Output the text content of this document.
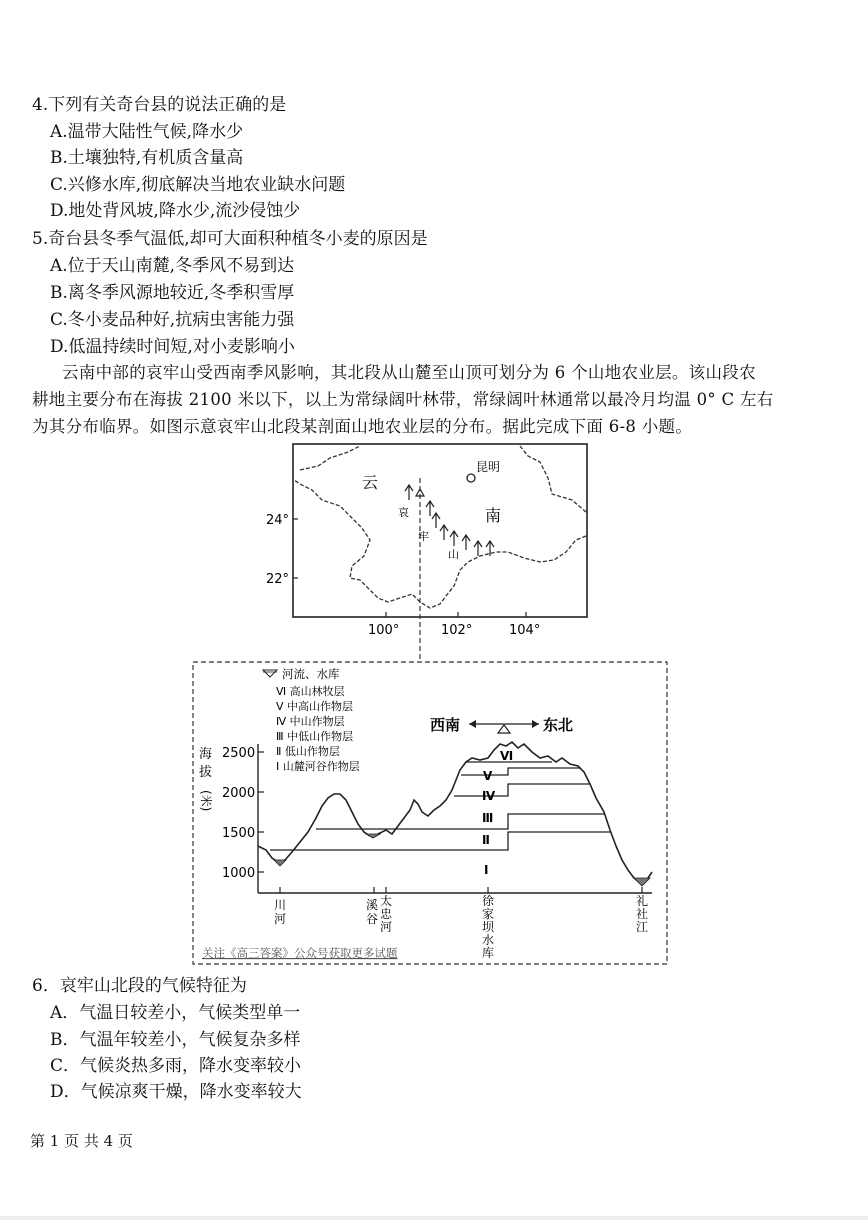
4.下列有关奇台县的说法正确的是
A.温带大陆性气候,降水少
B.土壤独特,有机质含量高
C.兴修水库,彻底解决当地农业缺水问题
D.地处背风坡,降水少,流沙侵蚀少
5.奇台县冬季气温低,却可大面积种植冬小麦的原因是
A.位于天山南麓,冬季风不易到达
B.离冬季风源地较近,冬季积雪厚
C.冬小麦品种好,抗病虫害能力强
D.低温持续时间短,对小麦影响小
云南中部的哀牢山受西南季风影响，其北段从山麓至山顶可划分为 6 个山地农业层。该山段农
耕地主要分布在海拔 2100 米以下，以上为常绿阔叶林带，常绿阔叶林通常以最冷月均温 0° C 左右
为其分布临界。如图示意哀牢山北段某剖面山地农业层的分布。据此完成下面 6-8 小题。
云
南
昆明
哀
牢
山
24°
22°
100°	102°	104°
河流、水库
Ⅵ 高山林牧层
Ⅴ 中高山作物层
Ⅳ 中山作物层
Ⅲ 中低山作物层
Ⅱ 低山作物层
Ⅰ 山麓河谷作物层
西南	东北
海
拔
(米)
2500
2000
1500
1000
Ⅵ
Ⅴ
Ⅳ
Ⅲ
Ⅱ
Ⅰ
川
河
溪
谷
太
忠
河
徐
家
坝
水
库
礼
社
江
关注《高三答案》公众号获取更多试题
6．哀牢山北段的气候特征为
A．气温日较差小，气候类型单一
B．气温年较差小，气候复杂多样
C．气候炎热多雨，降水变率较小
D．气候凉爽干燥，降水变率较大
第 1 页 共 4 页
